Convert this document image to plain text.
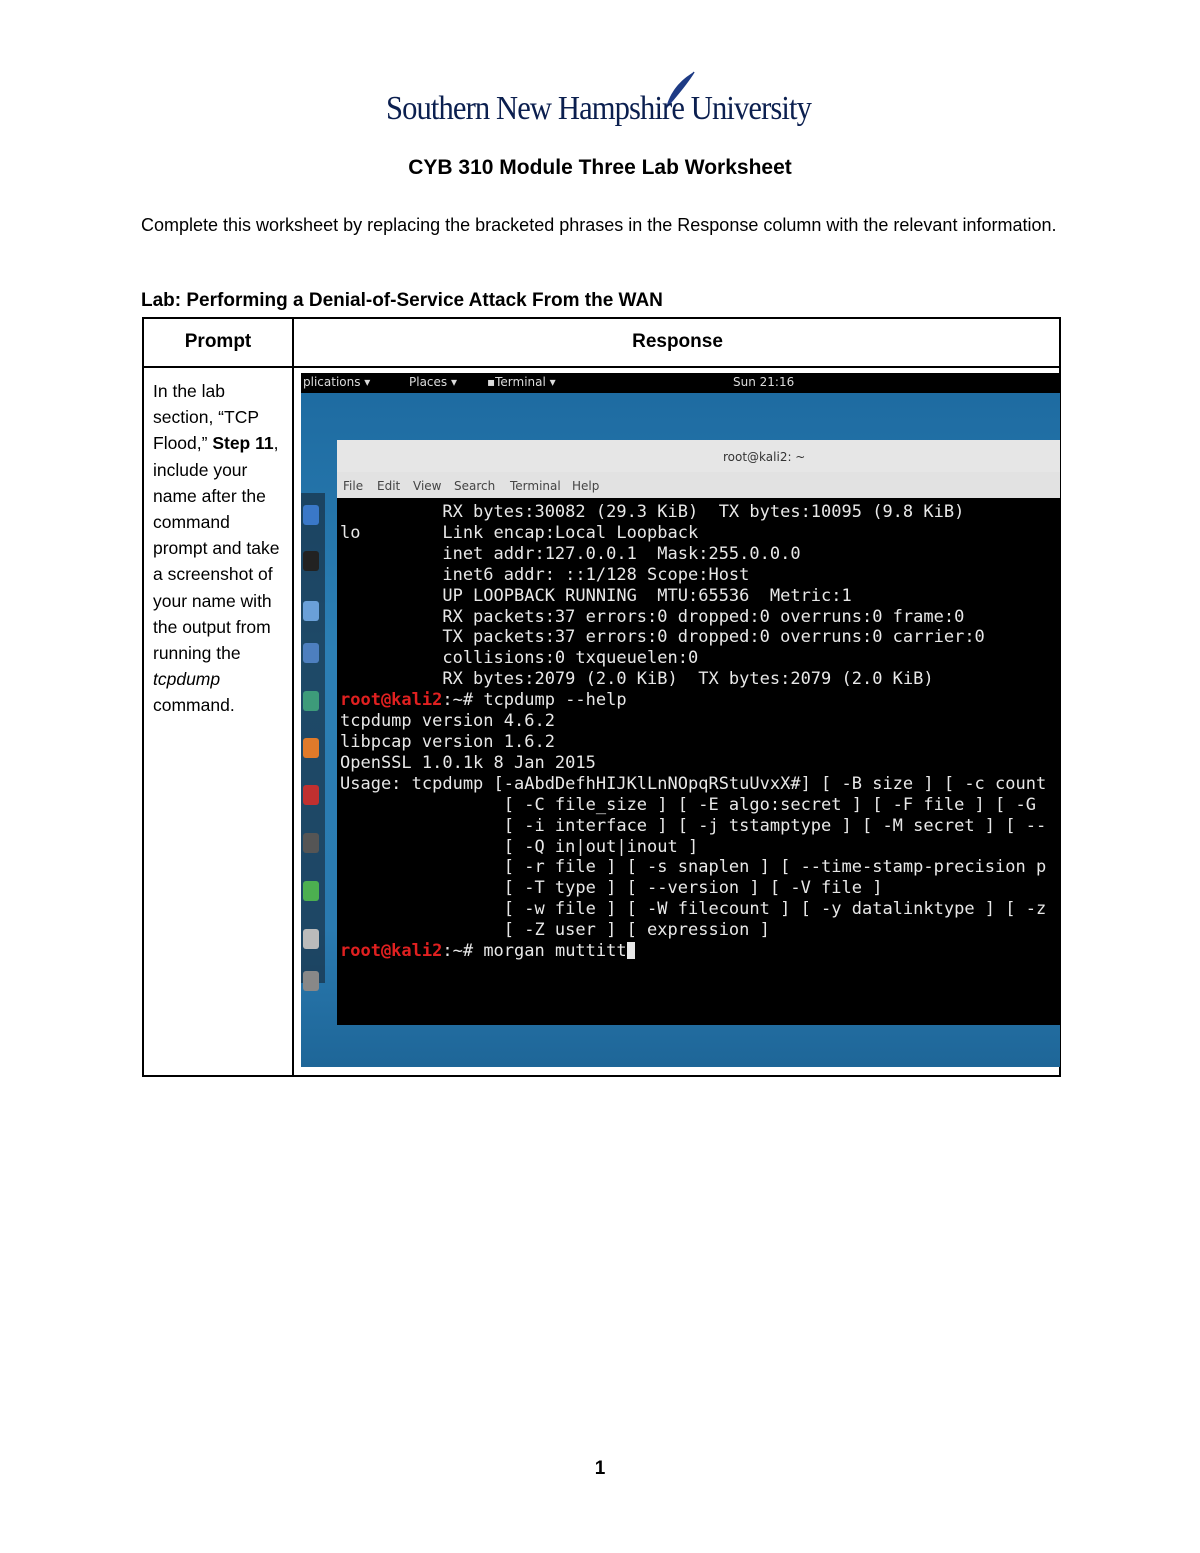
Southern New Hampshire University
CYB 310 Module Three Lab Worksheet
Complete this worksheet by replacing the bracketed phrases in the Response column with the relevant information.
Lab: Performing a Denial-of-Service Attack From the WAN
Prompt	Response
In the lab section, “TCP Flood,” Step 11, include your name after the command prompt and take a screenshot of your name with the output from running the tcpdump command.
plications ▾	Places ▾	▪Terminal ▾	Sun 21:16
root@kali2: ~
File Edit View Search Terminal Help
RX bytes:30082 (29.3 KiB)  TX bytes:10095 (9.8 KiB)
lo        Link encap:Local Loopback
inet addr:127.0.0.1  Mask:255.0.0.0
inet6 addr: ::1/128 Scope:Host
UP LOOPBACK RUNNING  MTU:65536  Metric:1
RX packets:37 errors:0 dropped:0 overruns:0 frame:0
TX packets:37 errors:0 dropped:0 overruns:0 carrier:0
collisions:0 txqueuelen:0
RX bytes:2079 (2.0 KiB)  TX bytes:2079 (2.0 KiB)
root@kali2:~# tcpdump --help
tcpdump version 4.6.2
libpcap version 1.6.2
OpenSSL 1.0.1k 8 Jan 2015
Usage: tcpdump [-aAbdDefhHIJKlLnNOpqRStuUvxX#] [ -B size ] [ -c count
[ -C file_size ] [ -E algo:secret ] [ -F file ] [ -G
[ -i interface ] [ -j tstamptype ] [ -M secret ] [ --
[ -Q in|out|inout ]
[ -r file ] [ -s snaplen ] [ --time-stamp-precision p
[ -T type ] [ --version ] [ -V file ]
[ -w file ] [ -W filecount ] [ -y datalinktype ] [ -z
[ -Z user ] [ expression ]
root@kali2:~# morgan muttitt
1
